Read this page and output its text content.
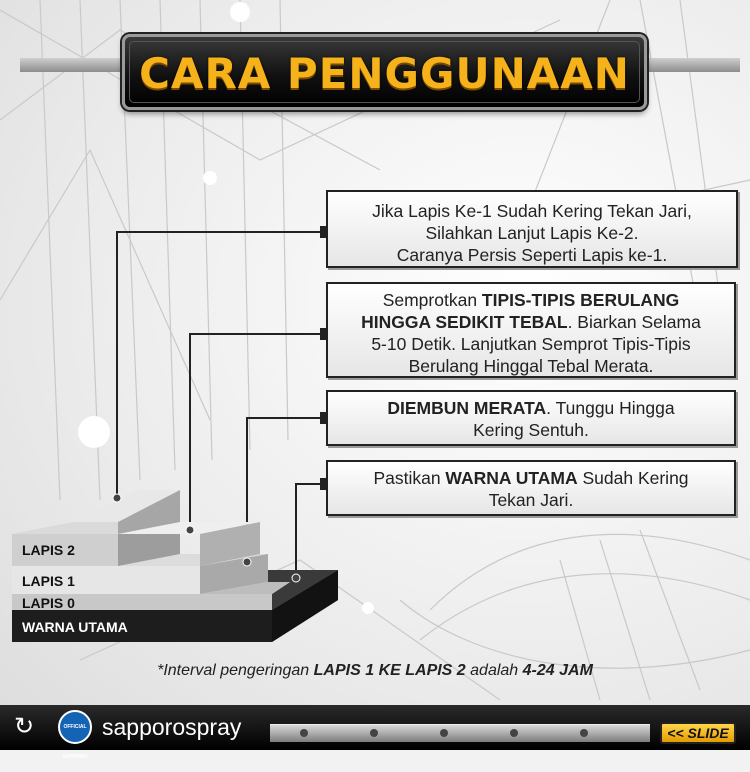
CARA PENGGUNAAN
Jika Lapis Ke-1 Sudah Kering Tekan Jari,
Silahkan Lanjut Lapis Ke-2.
Caranya Persis Seperti Lapis ke-1.
Semprotkan TIPIS-TIPIS BERULANG
HINGGA SEDIKIT TEBAL. Biarkan Selama
5-10 Detik. Lanjutkan Semprot Tipis-Tipis
Berulang Hinggal Tebal Merata.
DIEMBUN MERATA. Tunggu Hingga
Kering Sentuh.
Pastikan WARNA UTAMA Sudah Kering
Tekan Jari.
LAPIS 2
LAPIS 1
LAPIS 0
WARNA UTAMA
*Interval pengeringan LAPIS 1 KE LAPIS 2 adalah 4-24 JAM
↻	OFFICIAL SAPPORO
sapporospray	<< SLIDE
